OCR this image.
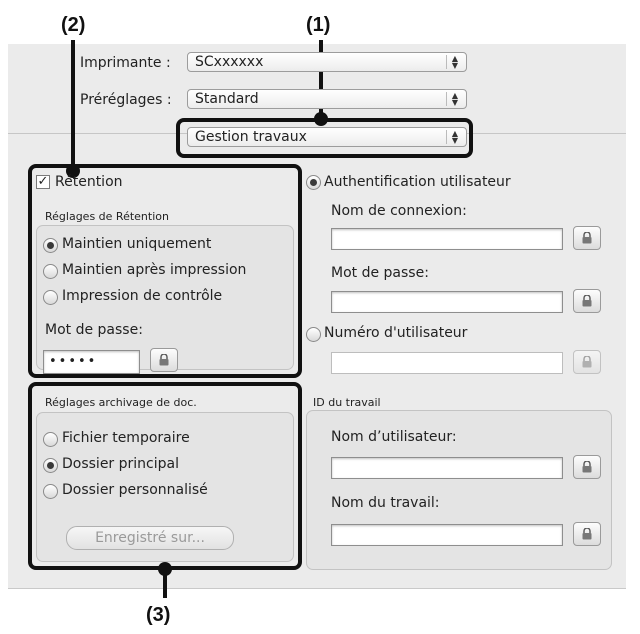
(2)	(1)
(3)
Imprimante :	SCxxxxxx	▲
▼
Préréglages :	Standard	▲
▼
Gestion travaux	▲
▼
✓ Rétention
Réglages de Rétention
Maintien uniquement
Maintien après impression
Impression de contrôle
Mot de passe:
•••••
Réglages archivage de doc.
Fichier temporaire
Dossier principal
Dossier personnalisé
Enregistré sur...
Authentification utilisateur
Nom de connexion:
Mot de passe:
Numéro d'utilisateur
ID du travail
Nom d’utilisateur:
Nom du travail:
